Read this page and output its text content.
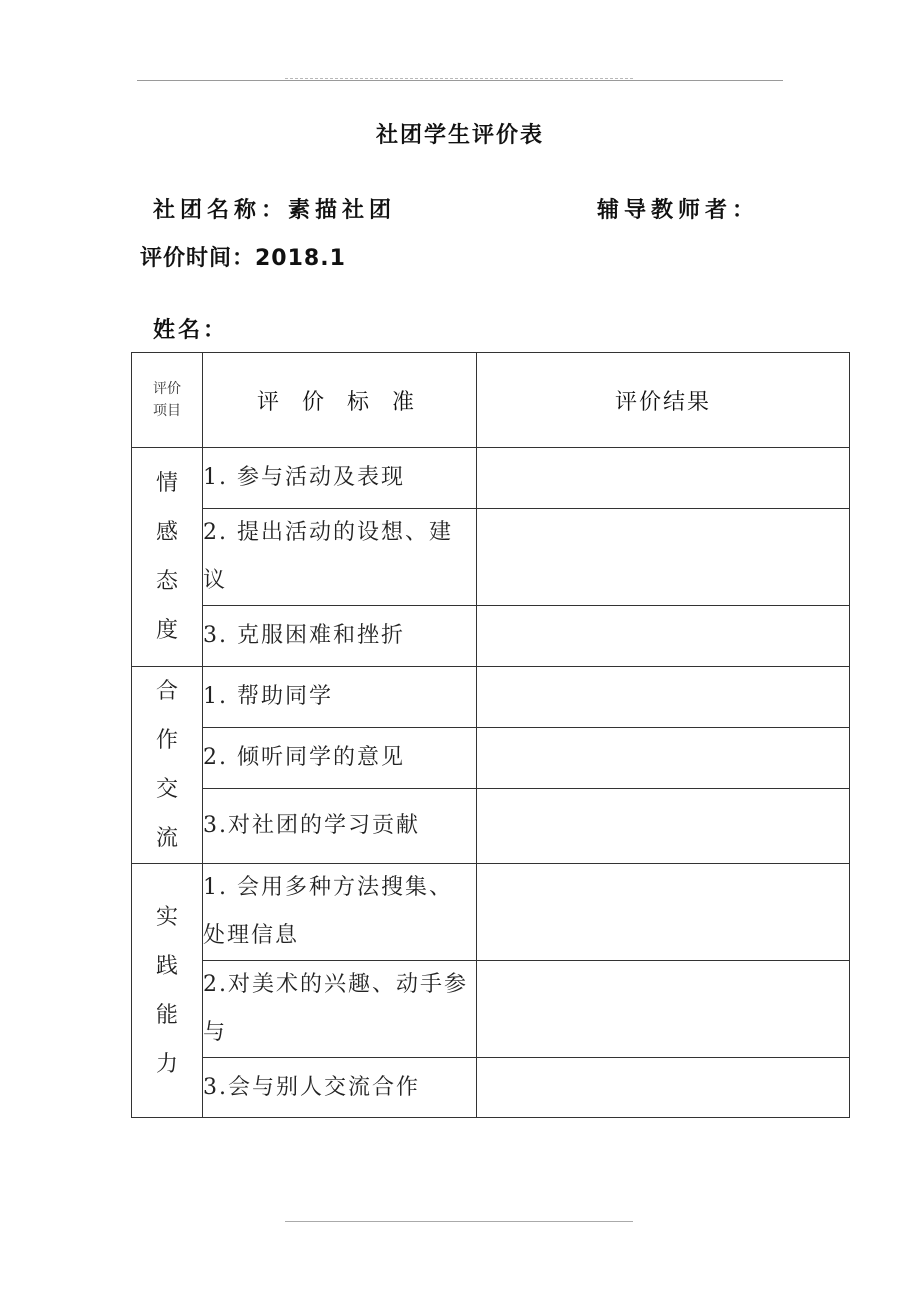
社团学生评价表
社团名称：素描社团	辅导教师者：
评价时间：2018.1
姓名：
评价
项目	评 价 标 准	评价结果

情
感
态
度	1. 参与活动及表现	
	2. 提出活动的设想、建议	
	3. 克服困难和挫折	

合
作
交
流	1. 帮助同学	
	2. 倾听同学的意见	
	3.对社团的学习贡献	

实
践
能
力	1. 会用多种方法搜集、处理信息	
	2.对美术的兴趣、动手参与	
	3.会与别人交流合作	
